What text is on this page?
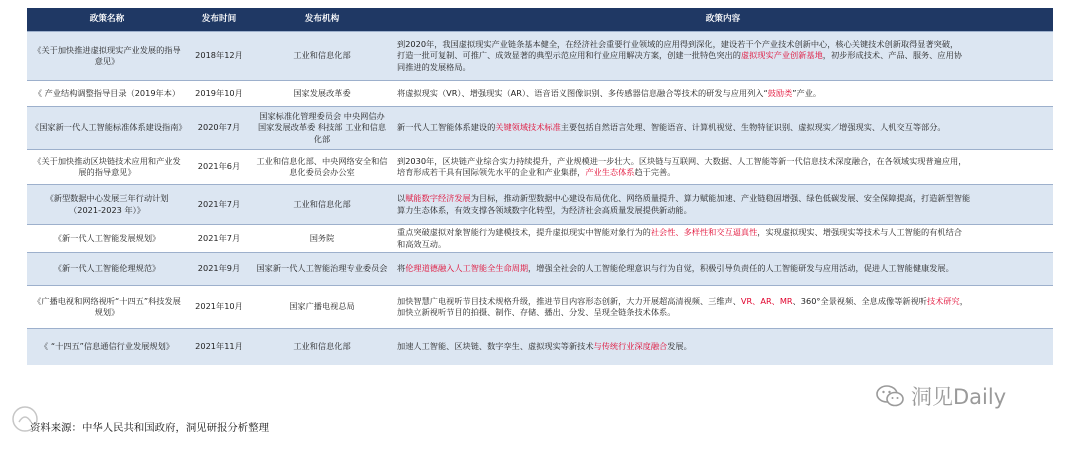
政策名称	发布时间	发布机构	政策内容
《关于加快推进虚拟现实产业发展的指导意见》	2018年12月	工业和信息化部	到2020年，我国虚拟现实产业链条基本健全，在经济社会重要行业领域的应用得到深化，建设若干个产业技术创新中心，核心关键技术创新取得显著突破，
打造一批可复制、可推广、成效显著的典型示范应用和行业应用解决方案，创建一批特色突出的虚拟现实产业创新基地，初步形成技术、产品、服务、应用协
同推进的发展格局。

《 产业结构调整指导目录（2019年本）	2019年10月	国家发展改革委	将虚拟现实（VR）、增强现实（AR）、语音语义图像识别、多传感器信息融合等技术的研发与应用列入“鼓励类”产业。

《国家新一代人工智能标准体系建设指南》	2020年7月	国家标准化管理委员会 中央网信办 国家发展改革委 科技部 工业和信息化部	新一代人工智能体系建设的关键领域技术标准主要包括自然语言处理、智能语音、计算机视觉、生物特征识别、虚拟现实／增强现实、人机交互等部分。

《关于加快推动区块链技术应用和产业发展的指导意见》	2021年6月	工业和信息化部、中央网络安全和信息化委员会办公室	到2030年，区块链产业综合实力持续提升，产业规模进一步壮大。区块链与互联网、大数据、人工智能等新一代信息技术深度融合，在各领域实现普遍应用，
培育形成若干具有国际领先水平的企业和产业集群，产业生态体系趋于完善。

《新型数据中心发展三年行动计划（2021-2023 年）》	2021年7月	工业和信息化部	以赋能数字经济发展为目标，推动新型数据中心建设布局优化、网络质量提升、算力赋能加速、产业链稳固增强、绿色低碳发展、安全保障提高，打造新型智能
算力生态体系，有效支撑各领域数字化转型，为经济社会高质量发展提供新动能。

《新一代人工智能发展规划》	2021年7月	国务院	重点突破虚拟对象智能行为建模技术，提升虚拟现实中智能对象行为的社会性、多样性和交互逼真性，实现虚拟现实、增强现实等技术与人工智能的有机结合
和高效互动。

《新一代人工智能伦理规范》	2021年9月	国家新一代人工智能治理专业委员会	将伦理道德融入人工智能全生命周期，增强全社会的人工智能伦理意识与行为自觉，积极引导负责任的人工智能研发与应用活动，促进人工智能健康发展。

《广播电视和网络视听“十四五”科技发展规划》	2021年10月	国家广播电视总局	加快智慧广电视听节目技术规格升级，推进节目内容形态创新，大力开展超高清视频、三维声、VR、AR、MR、360°全景视频、全息成像等新视听技术研究，
加快立新视听节目的拍摄、制作、存储、播出、分发、呈现全链条技术体系。

《 “十四五”信息通信行业发展规划》	2021年11月	工业和信息化部	加速人工智能、区块链、数字孪生、虚拟现实等新技术与传统行业深度融合发展。
资料来源：中华人民共和国政府，洞见研报分析整理
洞见Daily
